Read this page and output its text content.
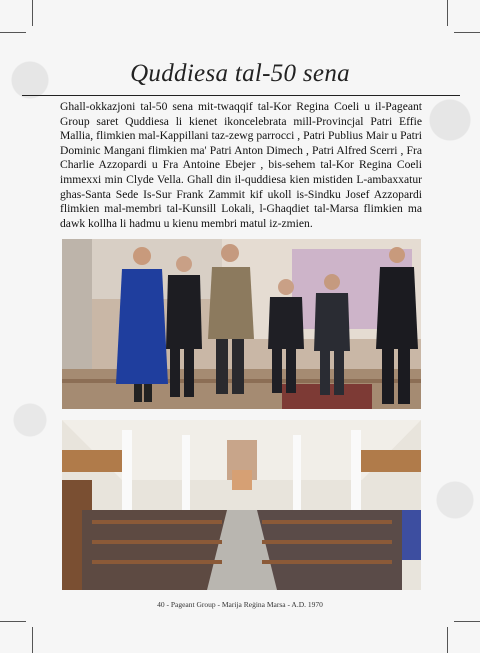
Quddiesa tal-50 sena
Ghall-okkazjoni tal-50 sena mit-twaqqif tal-Kor Regina Coeli u il-Pageant Group saret Quddiesa li kienet ikoncelebrata mill-Provincjal Patri Effie Mallia, flimkien mal-Kappillani taz-zewg parrocci , Patri Publius Mair u Patri Dominic Mangani flimkien ma' Patri Anton Dimech , Patri Alfred Scerri , Fra Charlie Azzopardi u Fra Antoine Ebejer , bis-sehem tal-Kor Regina Coeli immexxi min Clyde Vella. Ghall din il-quddiesa kien mistiden L-ambaxxatur ghas-Santa Sede Is-Sur Frank Zammit kif ukoll is-Sindku Josef Azzopardi flimkien mal-membri tal-Kunsill Lokali, l-Ghaqdiet tal-Marsa flimkien ma dawk kollha li hadmu u kienu membri matul iz-zmien.
40 - Pageant Group - Marija Reġina Marsa - A.D. 1970
